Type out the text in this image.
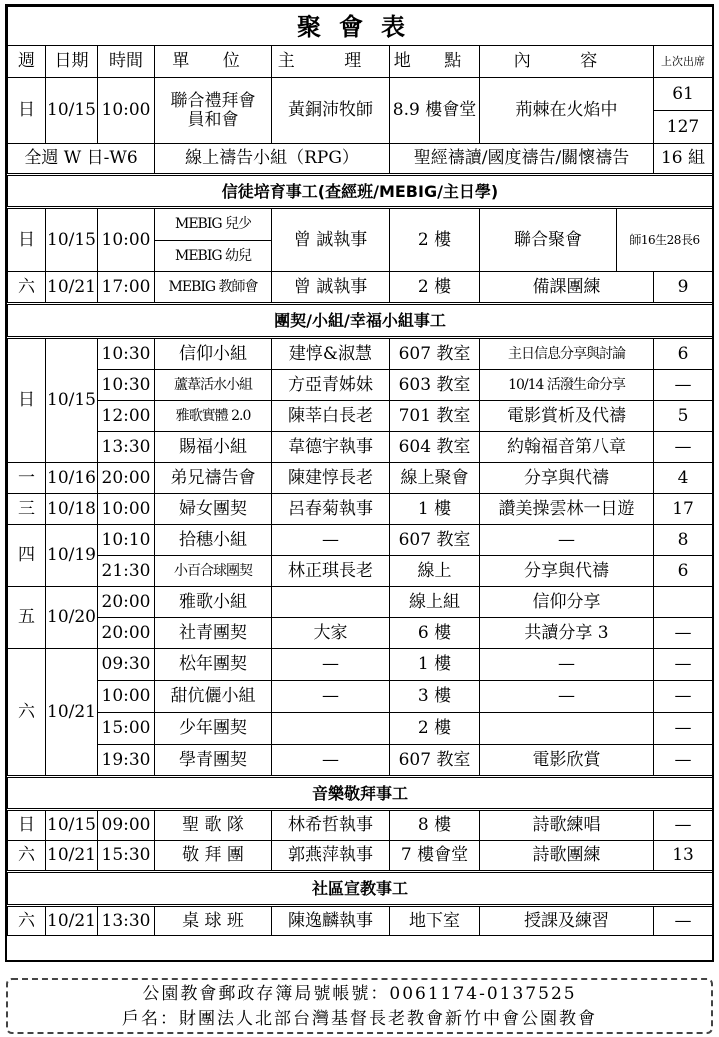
聚會表								
週	日期	時間	單 位	主 理	地 點	內 容		上次出席
日	10/15	10:00	聯合禮拜會員和會	黃銅沛牧師	8.9 樓會堂	荊棘在火焰中		61
								127
全週 W 日-W6			線上禱告小組（RPG）		聖經禱讀/國度禱告/關懷禱告			16 組
信徒培育事工(查經班/MEBIG/主日學)								
日	10/15	10:00	MEBIG 兒少	曾 誠執事	2 樓	聯合聚會	師16生28長6	
			MEBIG 幼兒					
六	10/21	17:00	MEBIG 教師會	曾 誠執事	2 樓	備課團練		9
團契/小組/幸福小組事工								
日	10/15	10:30	信仰小組	建惇&淑慧	607 教室	主日信息分享與討論		6
		10:30	蘆葦活水小組	方亞青姊妹	603 教室	10/14 活潑生命分享		—
		12:00	雅歌實體 2.0	陳莘白長老	701 教室	電影賞析及代禱		5
		13:30	賜福小組	韋德宇執事	604 教室	約翰福音第八章		—
一	10/16	20:00	弟兄禱告會	陳建惇長老	線上聚會	分享與代禱		4
三	10/18	10:00	婦女團契	呂春菊執事	1 樓	讚美操雲林一日遊		17
四	10/19	10:10	拾穗小組	—	607 教室	—		8
		21:30	小百合球團契	林正琪長老	線上	分享與代禱		6
五	10/20	20:00	雅歌小組		線上組	信仰分享		
		20:00	社青團契	大家	6 樓	共讀分享 3		—
六	10/21	09:30	松年團契	—	1 樓	—		—
		10:00	甜伉儷小組	—	3 樓	—		—
		15:00	少年團契		2 樓			—
		19:30	學青團契	—	607 教室	電影欣賞		—
音樂敬拜事工								
日	10/15	09:00	聖 歌 隊	林希哲執事	8 樓	詩歌練唱		—
六	10/21	15:30	敬 拜 團	郭燕萍執事	7 樓會堂	詩歌團練		13
社區宣教事工								
六	10/21	13:30	桌 球 班	陳逸麟執事	地下室	授課及練習		—
公園教會郵政存簿局號帳號：0061174-0137525
戶名：財團法人北部台灣基督長老教會新竹中會公園教會
